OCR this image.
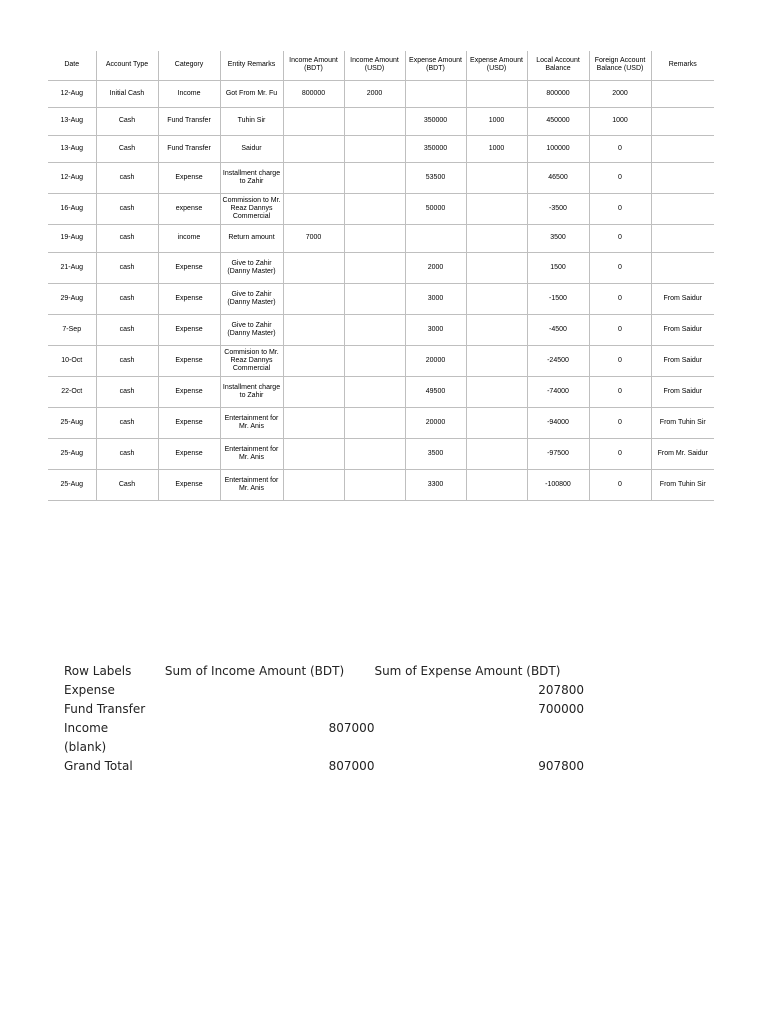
Date	Account Type	Category	Entity Remarks	Income Amount (BDT)	Income Amount (USD)	Expense Amount (BDT)	Expense Amount (USD)	Local Account Balance	Foreign Account Balance (USD)	Remarks
12-Aug	Initial Cash	Income	Got From Mr. Fu	800000	2000			800000	2000	
13-Aug	Cash	Fund Transfer	Tuhin Sir			350000	1000	450000	1000	
13-Aug	Cash	Fund Transfer	Saidur			350000	1000	100000	0	
12-Aug	cash	Expense	Installment charge to Zahir			53500		46500	0	
16-Aug	cash	expense	Commission to Mr. Reaz Dannys Commercial			50000		-3500	0	
19-Aug	cash	income	Return amount	7000				3500	0	
21-Aug	cash	Expense	Give to Zahir (Danny Master)			2000		1500	0	
29-Aug	cash	Expense	Give to Zahir (Danny Master)			3000		-1500	0	From Saidur
7-Sep	cash	Expense	Give to Zahir (Danny Master)			3000		-4500	0	From Saidur
10-Oct	cash	Expense	Commision to Mr. Reaz Dannys Commercial			20000		-24500	0	From Saidur
22-Oct	cash	Expense	Installment charge to Zahir			49500		-74000	0	From Saidur
25-Aug	cash	Expense	Entertainment for Mr. Anis			20000		-94000	0	From Tuhin Sir
25-Aug	cash	Expense	Entertainment for Mr. Anis			3500		-97500	0	From Mr. Saidur
25-Aug	Cash	Expense	Entertainment for Mr. Anis			3300		-100800	0	From Tuhin Sir
Row Labels	Sum of Income Amount (BDT)	Sum of Expense Amount (BDT)
Expense		207800
Fund Transfer		700000
Income	807000	
(blank)		
Grand Total	807000	907800
